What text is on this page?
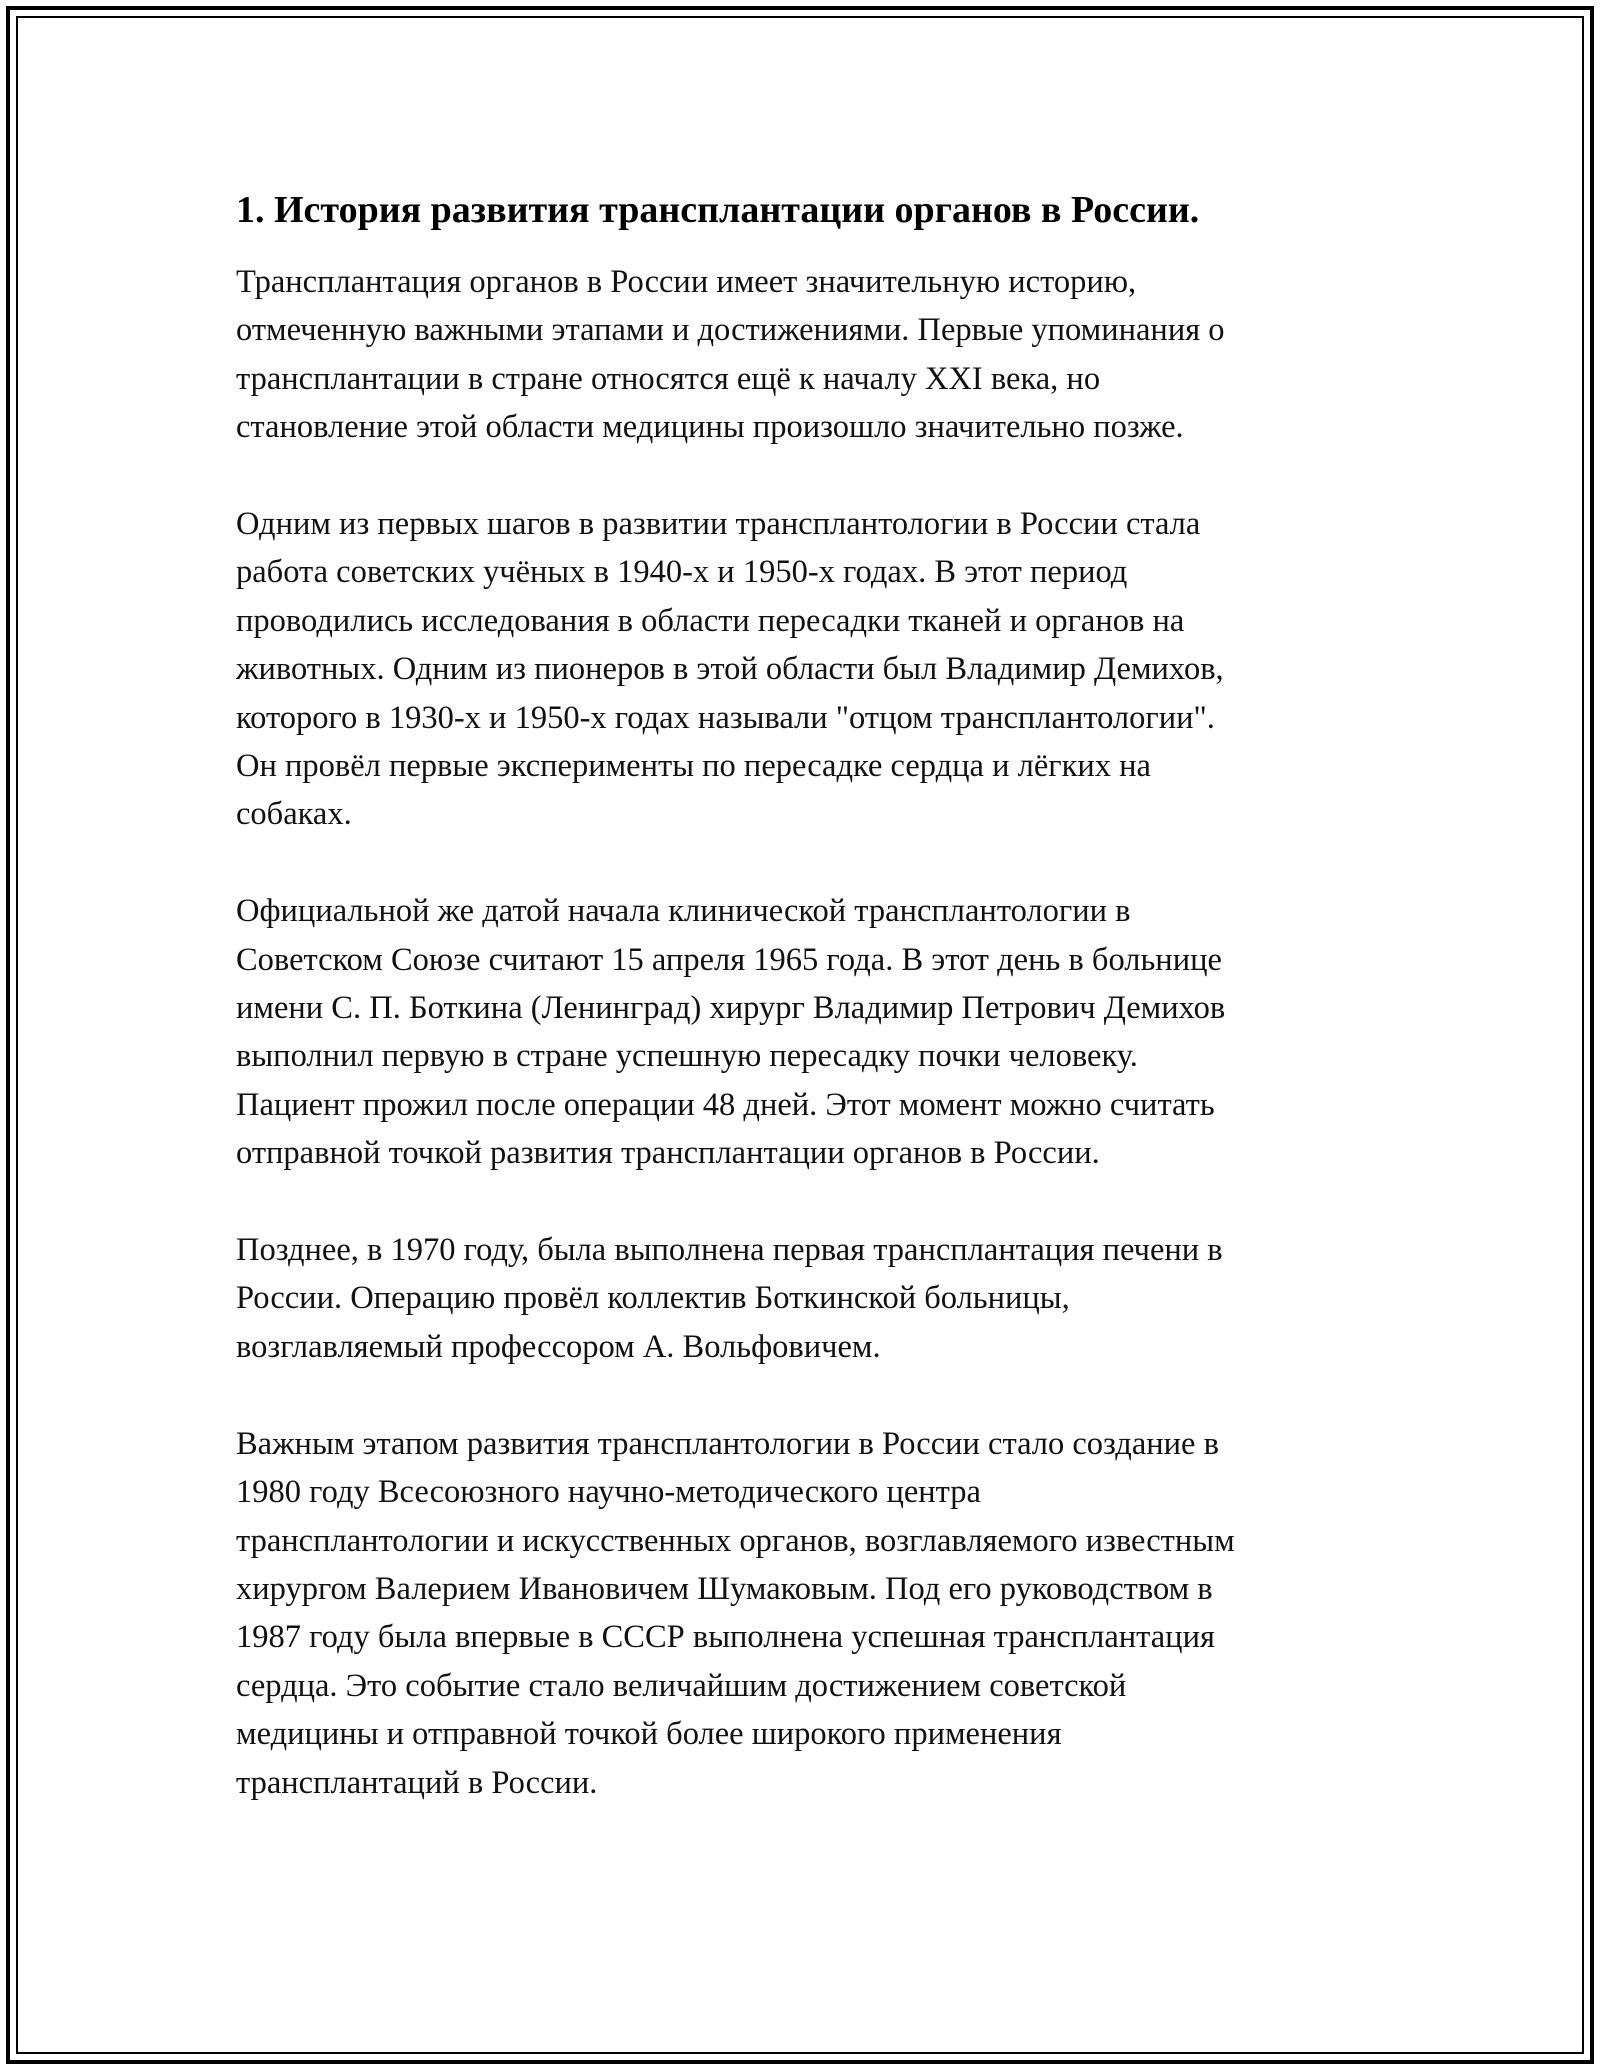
1. История развития трансплантации органов в России.

Трансплантация органов в России имеет значительную историю,
отмеченную важными этапами и достижениями. Первые упоминания о
трансплантации в стране относятся ещё к началу XXI века, но
становление этой области медицины произошло значительно позже.

Одним из первых шагов в развитии трансплантологии в России стала
работа советских учёных в 1940-х и 1950-х годах. В этот период
проводились исследования в области пересадки тканей и органов на
животных. Одним из пионеров в этой области был Владимир Демихов,
которого в 1930-х и 1950-х годах называли "отцом трансплантологии".
Он провёл первые эксперименты по пересадке сердца и лёгких на
собаках.

Официальной же датой начала клинической трансплантологии в
Советском Союзе считают 15 апреля 1965 года. В этот день в больнице
имени С. П. Боткина (Ленинград) хирург Владимир Петрович Демихов
выполнил первую в стране успешную пересадку почки человеку.
Пациент прожил после операции 48 дней. Этот момент можно считать
отправной точкой развития трансплантации органов в России.

Позднее, в 1970 году, была выполнена первая трансплантация печени в
России. Операцию провёл коллектив Боткинской больницы,
возглавляемый профессором А. Вольфовичем.

Важным этапом развития трансплантологии в России стало создание в
1980 году Всесоюзного научно-методического центра
трансплантологии и искусственных органов, возглавляемого известным
хирургом Валерием Ивановичем Шумаковым. Под его руководством в
1987 году была впервые в СССР выполнена успешная трансплантация
сердца. Это событие стало величайшим достижением советской
медицины и отправной точкой более широкого применения
трансплантаций в России.
